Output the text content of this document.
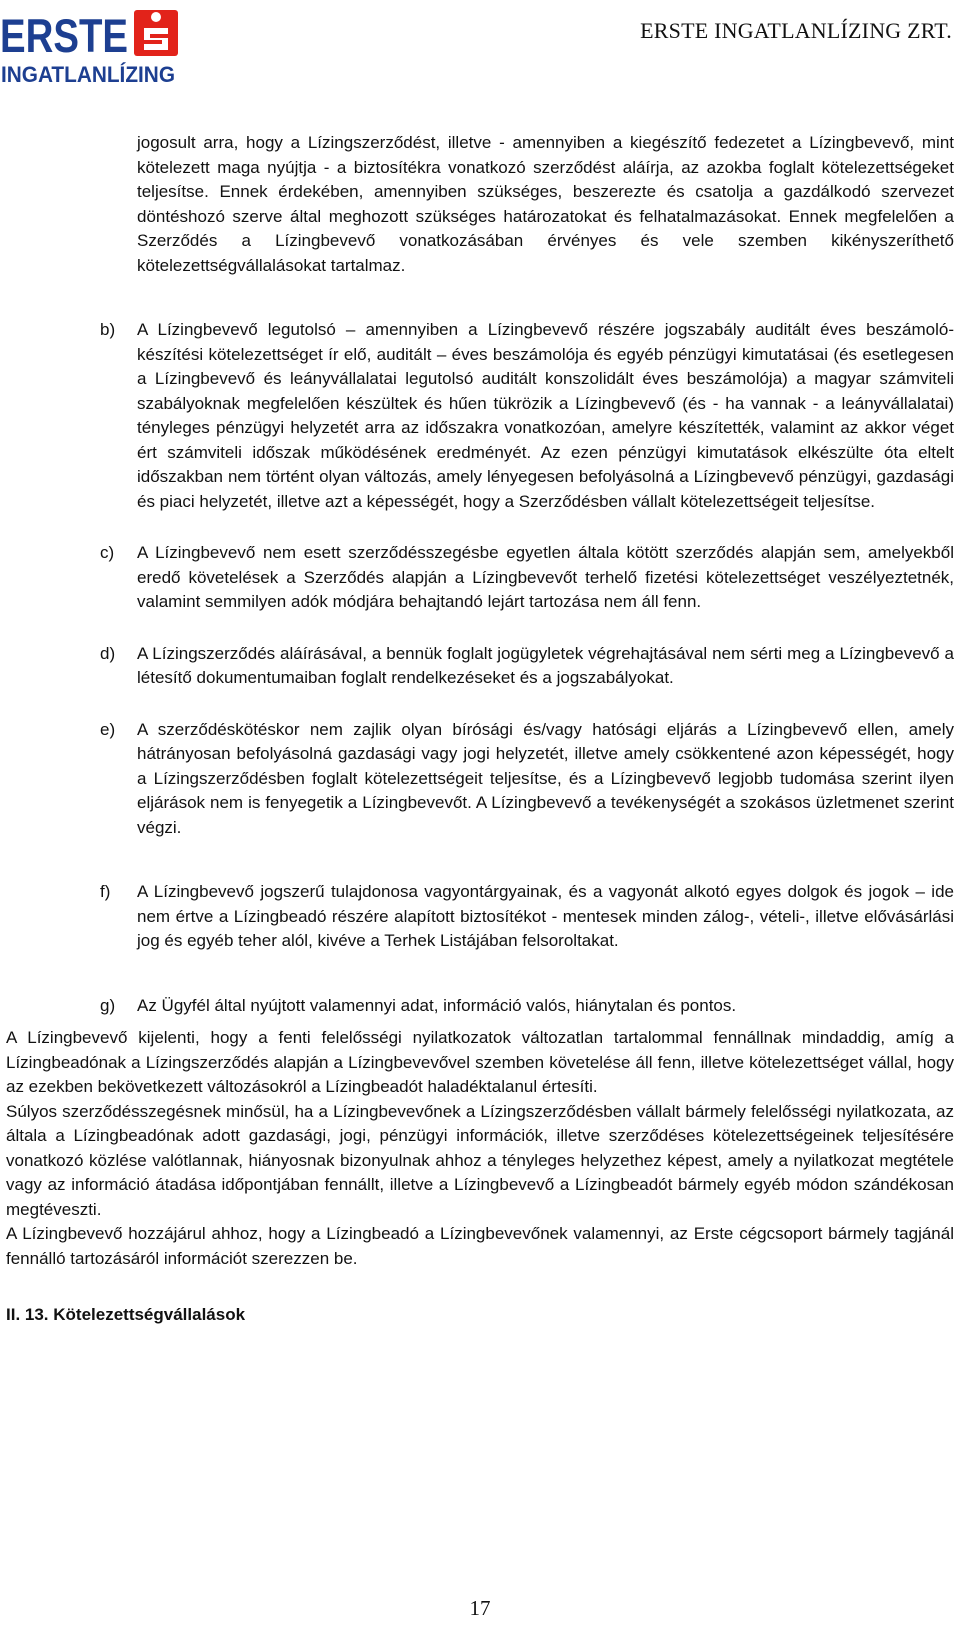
ERSTE
INGATLANLÍZING
ERSTE INGATLANLÍZING ZRT.

jogosult arra, hogy a Lízingszerződést, illetve - amennyiben a kiegészítő fedezetet a Lízingbevevő, mint kötelezett maga nyújtja - a biztosítékra vonatkozó szerződést aláírja, az azokba foglalt kötelezettségeket teljesítse. Ennek érdekében, amennyiben szükséges, beszerezte és csatolja a gazdálkodó szervezet döntéshozó szerve által meghozott szükséges határozatokat és felhatalmazásokat. Ennek megfelelően a Szerződés a Lízingbevevő vonatkozásában érvényes és vele szemben kikényszeríthető kötelezettségvállalásokat tartalmaz.

b)	A Lízingbevevő legutolsó – amennyiben a Lízingbevevő részére jogszabály auditált éves beszámoló-készítési kötelezettséget ír elő, auditált – éves beszámolója és egyéb pénzügyi kimutatásai (és esetlegesen a Lízingbevevő és leányvállalatai legutolsó auditált konszolidált éves beszámolója) a magyar számviteli szabályoknak megfelelően készültek és hűen tükrözik a Lízingbevevő (és - ha vannak - a leányvállalatai) tényleges pénzügyi helyzetét arra az időszakra vonatkozóan, amelyre készítették, valamint az akkor véget ért számviteli időszak működésének eredményét. Az ezen pénzügyi kimutatások elkészülte óta eltelt időszakban nem történt olyan változás, amely lényegesen befolyásolná a Lízingbevevő pénzügyi, gazdasági és piaci helyzetét, illetve azt a képességét, hogy a Szerződésben vállalt kötelezettségeit teljesítse.

c)	A Lízingbevevő nem esett szerződésszegésbe egyetlen általa kötött szerződés alapján sem, amelyekből eredő követelések a Szerződés alapján a Lízingbevevőt terhelő fizetési kötelezettséget veszélyeztetnék, valamint semmilyen adók módjára behajtandó lejárt tartozása nem áll fenn.

d)	A Lízingszerződés aláírásával, a bennük foglalt jogügyletek végrehajtásával nem sérti meg a Lízingbevevő a létesítő dokumentumaiban foglalt rendelkezéseket és a jogszabályokat.

e)	A szerződéskötéskor nem zajlik olyan bírósági és/vagy hatósági eljárás a Lízingbevevő ellen, amely hátrányosan befolyásolná gazdasági vagy jogi helyzetét, illetve amely csökkentené azon képességét, hogy a Lízingszerződésben foglalt kötelezettségeit teljesítse, és a Lízingbevevő legjobb tudomása szerint ilyen eljárások nem is fenyegetik a Lízingbevevőt. A Lízingbevevő a tevékenységét a szokásos üzletmenet szerint végzi.

f)	A Lízingbevevő jogszerű tulajdonosa vagyontárgyainak, és a vagyonát alkotó egyes dolgok és jogok – ide nem értve a Lízingbeadó részére alapított biztosítékot - mentesek minden zálog-, vételi-, illetve elővásárlási jog és egyéb teher alól, kivéve a Terhek Listájában felsoroltakat.

g)	Az Ügyfél által nyújtott valamennyi adat, információ valós, hiánytalan és pontos.

A Lízingbevevő kijelenti, hogy a fenti felelősségi nyilatkozatok változatlan tartalommal fennállnak mindaddig, amíg a Lízingbeadónak a Lízingszerződés alapján a Lízingbevevővel szemben követelése áll fenn, illetve kötelezettséget vállal, hogy az ezekben bekövetkezett változásokról a Lízingbeadót haladéktalanul értesíti.

Súlyos szerződésszegésnek minősül, ha a Lízingbevevőnek a Lízingszerződésben vállalt bármely felelősségi nyilatkozata, az általa a Lízingbeadónak adott gazdasági, jogi, pénzügyi információk, illetve szerződéses kötelezettségeinek teljesítésére vonatkozó közlése valótlannak, hiányosnak bizonyulnak ahhoz a tényleges helyzethez képest, amely a nyilatkozat megtétele vagy az információ átadása időpontjában fennállt, illetve a Lízingbevevő a Lízingbeadót bármely egyéb módon szándékosan megtéveszti.

A Lízingbevevő hozzájárul ahhoz, hogy a Lízingbeadó a Lízingbevevőnek valamennyi, az Erste cégcsoport bármely tagjánál fennálló tartozásáról információt szerezzen be.

II. 13. Kötelezettségvállalások
17
